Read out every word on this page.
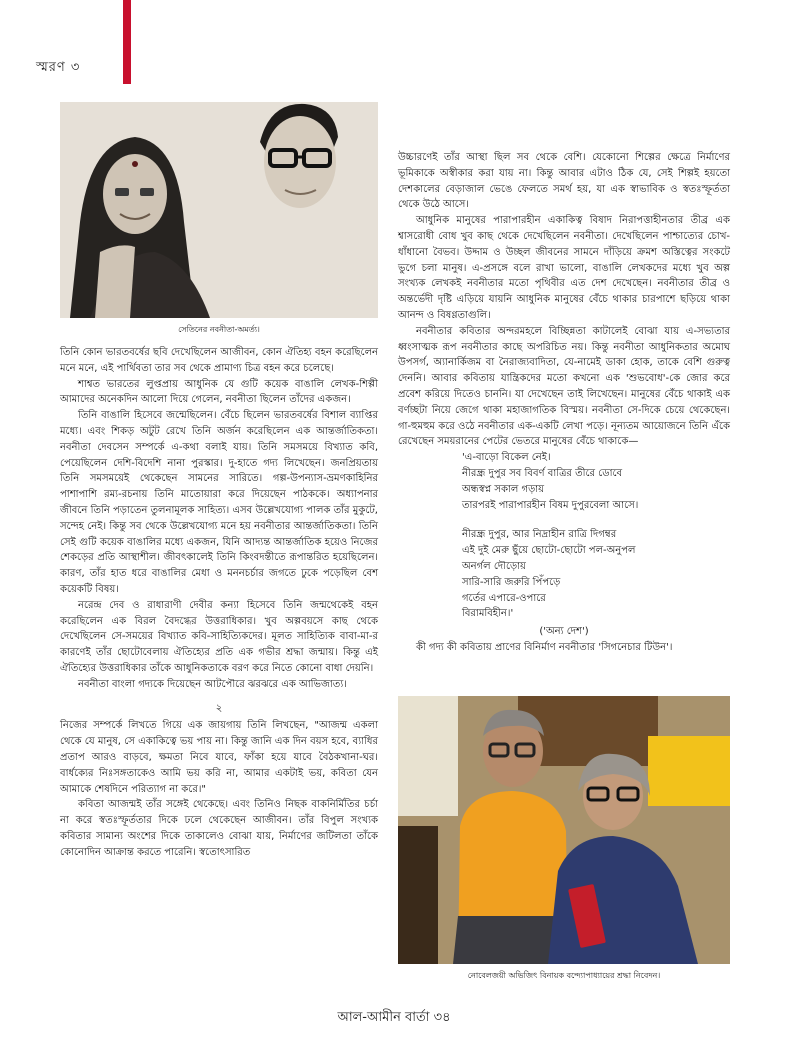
স্মরণ ৩
সেতিনের নবনীতা-অমর্ত্য।

তিনি কোন ভারতবর্ষের ছবি দেখেছিলেন আজীবন, কোন ঐতিহ্য বহন করেছিলেন মনে মনে, এই পার্থিবতা তার সব থেকে প্রামাণ্য চিত্র বহন করে চলেছে।

শাশ্বত ভারতের লুপ্তপ্রায় আধুনিক যে গুটি কয়েক বাঙালি লেখক-শিল্পী আমাদের অনেকদিন আলো দিয়ে গেলেন, নবনীতা ছিলেন তাঁদের একজন।

তিনি বাঙালি হিসেবে জন্মেছিলেন। বেঁচে ছিলেন ভারতবর্ষের বিশাল ব্যাপ্তির মধ্যে। এবং শিকড় অটুট রেখে তিনি অর্জন করেছিলেন এক আন্তর্জাতিকতা। নবনীতা দেবসেন সম্পর্কে এ-কথা বলাই যায়। তিনি সমসময়ে বিখ্যাত কবি, পেয়েছিলেন দেশি-বিদেশি নানা পুরস্কার। দু-হাতে গদ্য লিখেছেন। জনপ্রিয়তায় তিনি সমসময়েই থেকেছেন সামনের সারিতে। গল্প-উপন্যাস-ভ্রমণকাহিনির পাশাপাশি রম্য-রচনায় তিনি মাতোয়ারা করে দিয়েছেন পাঠককে। অধ্যাপনার জীবনে তিনি পড়াতেন তুলনামূলক সাহিত্য। এসব উল্লেখযোগ্য পালক তাঁর মুকুটে, সন্দেহ নেই। কিন্তু সব থেকে উল্লেখযোগ্য মনে হয় নবনীতার আন্তর্জাতিকতা। তিনি সেই গুটি কয়েক বাঙালির মধ্যে একজন, যিনি আদ্যন্ত আন্তর্জাতিক হয়েও নিজের শেকড়ের প্রতি আস্থাশীল। জীবৎকালেই তিনি কিংবদন্তীতে রূপান্তরিত হয়েছিলেন। কারণ, তাঁর হাত ধরে বাঙালির মেধা ও মননচর্চার জগতে ঢুকে পড়েছিল বেশ কয়েকটি বিষয়।

নরেন্দ্র দেব ও রাধারাণী দেবীর কন্যা হিসেবে তিনি জন্মথেকেই বহন করেছিলেন এক বিরল বৈদগ্ধের উত্তরাধিকার। খুব অল্পবয়সে কাছ থেকে দেখেছিলেন সে-সময়ের বিখ্যাত কবি-সাহিত্যিকদের। মূলত সাহিত্যিক বাবা-মা-র কারণেই তাঁর ছোটোবেলায় ঐতিহ্যের প্রতি এক গভীর শ্রদ্ধা জন্মায়। কিন্তু এই ঐতিহ্যের উত্তরাধিকার তাঁকে আধুনিকতাকে বরণ করে নিতে কোনো বাধা দেয়নি।

নবনীতা বাংলা গদ্যকে দিয়েছেন আটপৌরে ঝরঝরে এক আভিজাত্য।

২

নিজের সম্পর্কে লিখতে গিয়ে এক জায়গায় তিনি লিখছেন, "আজন্ম একলা থেকে যে মানুষ, সে একাকিত্বে ভয় পায় না। কিন্তু জানি এক দিন বয়স হবে, ব্যাধির প্রতাপ আরও বাড়বে, ক্ষমতা নিবে যাবে, ফাঁকা হয়ে যাবে বৈঠকখানা-ঘর। বার্ধক্যের নিঃসঙ্গতাকেও আমি ভয় করি না, আমার একটাই ভয়, কবিতা যেন আমাকে শেষদিনে পরিত্যাগ না করে।"

কবিতা আজন্মই তাঁর সঙ্গেই থেকেছে। এবং তিনিও নিছক বাকনির্মিতির চর্চা না করে স্বতঃস্ফূর্ততার দিকে ঢলে থেকেছেন আজীবন। তাঁর বিপুল সংখ্যক কবিতার সামান্য অংশের দিকে তাকালেও বোঝা যায়, নির্মাণের জটিলতা তাঁকে কোনোদিন আক্রান্ত করতে পারেনি। স্বতোৎসারিত

উচ্চারণেই তাঁর আস্থা ছিল সব থেকে বেশি। যেকোনো শিল্পের ক্ষেত্রে নির্মাণের ভূমিকাকে অস্বীকার করা যায় না। কিন্তু আবার এটাও ঠিক যে, সেই শিল্পই হয়তো দেশকালের বেড়াজাল ভেঙে ফেলতে সমর্থ হয়, যা এক স্বাভাবিক ও স্বতঃস্ফূর্ততা থেকে উঠে আসে।

আধুনিক মানুষের পারাপারহীন একাকিত্ব বিষাদ নিরাপত্তাহীনতার তীব্র এক শ্বাসরোধী বোধ খুব কাছ থেকে দেখেছিলেন নবনীতা। দেখেছিলেন পাশ্চাত্যের চোখ-ধাঁধানো বৈভব। উদ্দাম ও উচ্ছল জীবনের সামনে দাঁড়িয়ে ক্রমশ অস্তিত্বের সংকটে ভুগে চলা মানুষ। এ-প্রসঙ্গে বলে রাখা ভালো, বাঙালি লেখকদের মধ্যে খুব অল্প সংখ্যক লেখকই নবনীতার মতো পৃথিবীর এত দেশ দেখেছেন। নবনীতার তীব্র ও অন্তর্ভেদী দৃষ্টি এড়িয়ে যায়নি আধুনিক মানুষের বেঁচে থাকার চারপাশে ছড়িয়ে থাকা আনন্দ ও বিষণ্ণতাগুলি।

নবনীতার কবিতার অন্দরমহলে বিচ্ছিন্নতা কাটালেই বোঝা যায় এ-সভ্যতার ধ্বংসাত্মক রূপ নবনীতার কাছে অপরিচিত নয়। কিন্তু নবনীতা আধুনিকতার অমোঘ উপসর্গ, অ্যানার্কিজম বা নৈরাজ্যবাদিতা, যে-নামেই ডাকা হোক, তাকে বেশি গুরুত্ব দেননি। আবার কবিতায় যান্ত্রিকদের মতো কখনো এক 'শুভবোধ'-কে জোর করে প্রবেশ করিয়ে দিতেও চাননি। যা দেখেছেন তাই লিখেছেন। মানুষের বেঁচে থাকাই এক বর্ণচ্ছটা নিয়ে জেগে থাকা মহাজাগতিক বিস্ময়। নবনীতা সে-দিকে চেয়ে থেকেছেন। গা-হুমহুম করে ওঠে নবনীতার এক-একটি লেখা পড়ে। নূন্যতম আয়োজনে তিনি এঁকে রেখেছেন সময়রানের পেটের ভেতরে মানুষের বেঁচে থাকাকে—

'এ-বাড়ো বিকেল নেই।

নীরন্ধ্র দুপুর সব বিবর্ণ বাত্রির তীরে ডোবে

অন্ধস্বপ্ন সকাল গড়ায়

তারপরই পারাপারহীন বিষম দুপুরবেলা আসে।

নীরন্ধ্র দুপুর, আর নিদ্রাহীন রাত্রি দিগম্বর

এই দুই মেরু ছুঁয়ে ছোটো-ছোটো পল-অনুপল

অনর্গল দৌড়োয়

সারি-সারি জরুরি পিঁপড়ে

গর্তের এপারে-ওপারে

বিরামবিহীন।'

('অন্য দেশ')

কী গদ্য কী কবিতায় প্রাণের বিনির্মাণ নবনীতার 'সিগনেচার টিউন'।

নোবেলজয়ী অভিজিৎ বিনায়ক বন্দ্যোপাধ্যায়ের শ্রদ্ধা নিবেদন।
আল-আমীন বার্তা ৩৪
